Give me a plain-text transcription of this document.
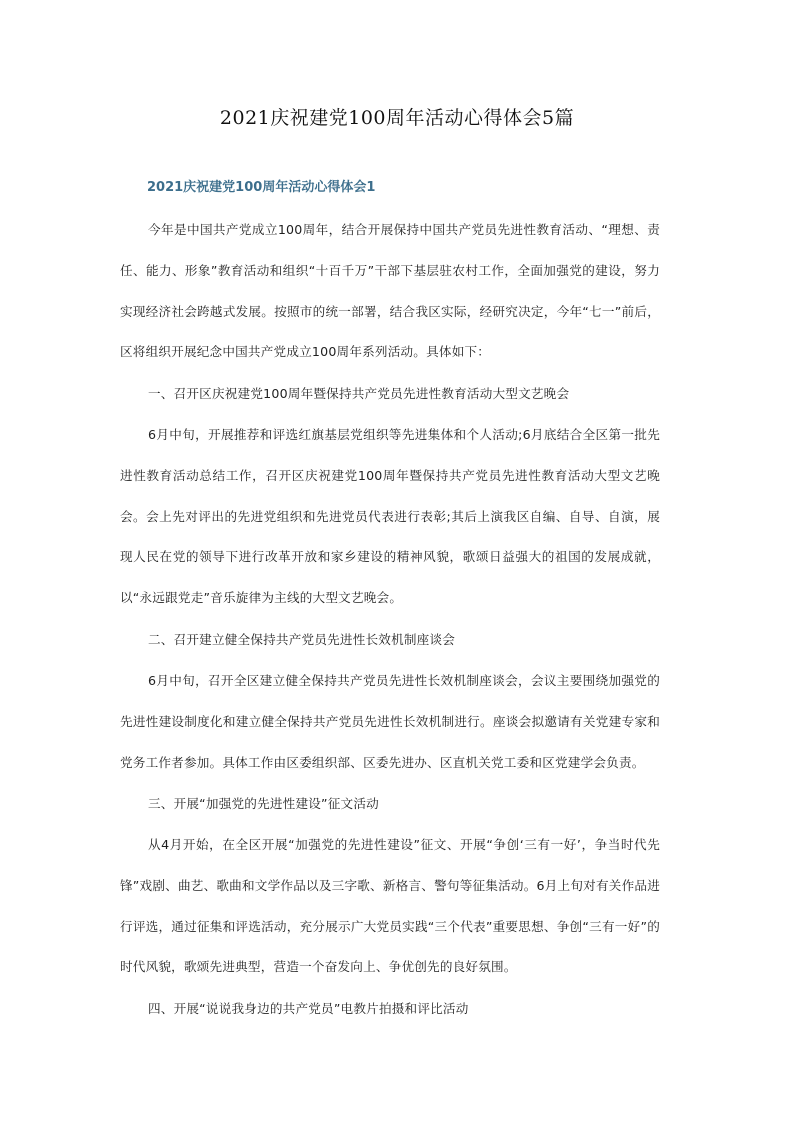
2021庆祝建党100周年活动心得体会5篇
2021庆祝建党100周年活动心得体会1
今年是中国共产党成立100周年，结合开展保持中国共产党员先进性教育活动、“理想、责任、能力、形象”教育活动和组织“十百千万”干部下基层驻农村工作，全面加强党的建设，努力实现经济社会跨越式发展。按照市的统一部署，结合我区实际，经研究决定，今年“七一”前后，区将组织开展纪念中国共产党成立100周年系列活动。具体如下：
一、召开区庆祝建党100周年暨保持共产党员先进性教育活动大型文艺晚会
6月中旬，开展推荐和评选红旗基层党组织等先进集体和个人活动;6月底结合全区第一批先进性教育活动总结工作，召开区庆祝建党100周年暨保持共产党员先进性教育活动大型文艺晚会。会上先对评出的先进党组织和先进党员代表进行表彰;其后上演我区自编、自导、自演，展现人民在党的领导下进行改革开放和家乡建设的精神风貌，歌颂日益强大的祖国的发展成就，以“永远跟党走”音乐旋律为主线的大型文艺晚会。
二、召开建立健全保持共产党员先进性长效机制座谈会
6月中旬，召开全区建立健全保持共产党员先进性长效机制座谈会，会议主要围绕加强党的先进性建设制度化和建立健全保持共产党员先进性长效机制进行。座谈会拟邀请有关党建专家和党务工作者参加。具体工作由区委组织部、区委先进办、区直机关党工委和区党建学会负责。
三、开展“加强党的先进性建设”征文活动
从4月开始，在全区开展“加强党的先进性建设”征文、开展“争创‘三有一好’，争当时代先锋”戏剧、曲艺、歌曲和文学作品以及三字歌、新格言、警句等征集活动。6月上旬对有关作品进行评选，通过征集和评选活动，充分展示广大党员实践“三个代表”重要思想、争创“三有一好”的时代风貌，歌颂先进典型，营造一个奋发向上、争优创先的良好氛围。
四、开展“说说我身边的共产党员”电教片拍摄和评比活动
